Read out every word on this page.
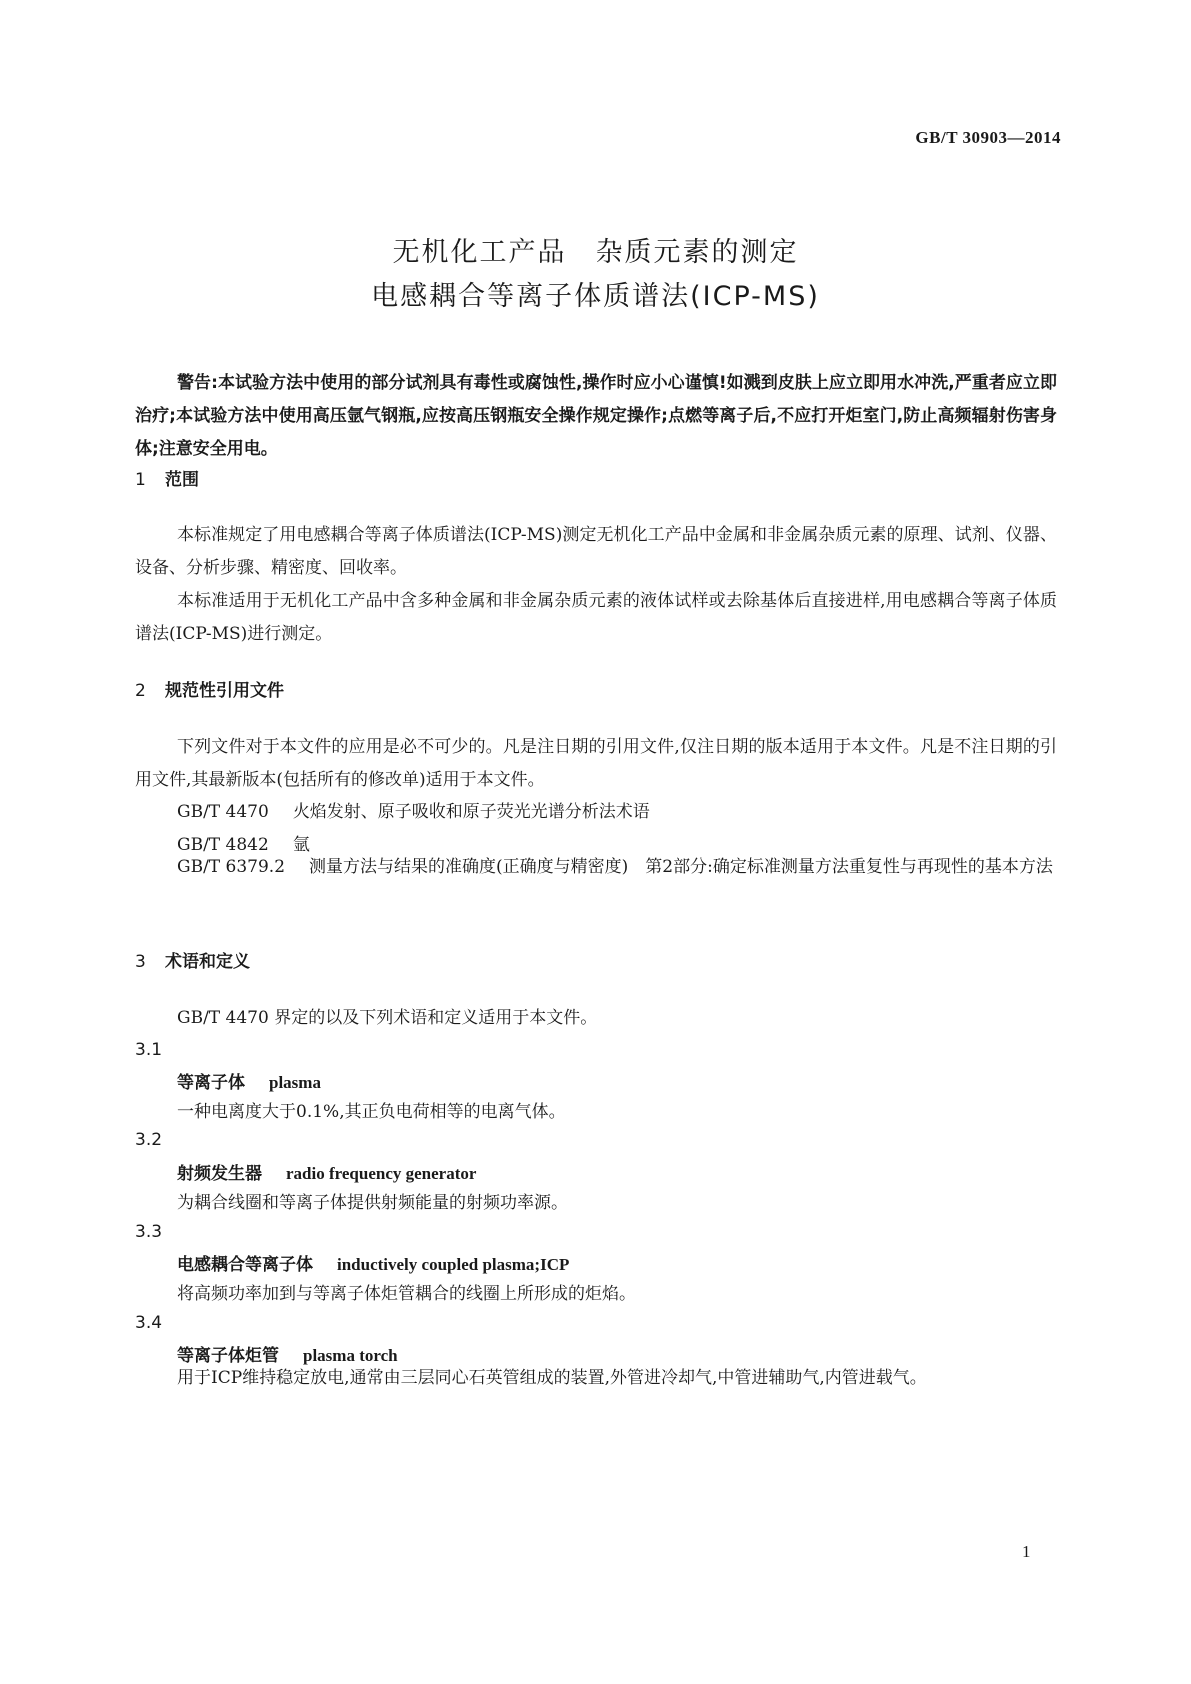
GB/T 30903—2014
无机化工产品　杂质元素的测定
电感耦合等离子体质谱法(ICP-MS)
警告:本试验方法中使用的部分试剂具有毒性或腐蚀性,操作时应小心谨慎!如溅到皮肤上应立即用水冲洗,严重者应立即治疗;本试验方法中使用高压氩气钢瓶,应按高压钢瓶安全操作规定操作;点燃等离子后,不应打开炬室门,防止高频辐射伤害身体;注意安全用电。
1 范围
本标准规定了用电感耦合等离子体质谱法(ICP-MS)测定无机化工产品中金属和非金属杂质元素的原理、试剂、仪器、设备、分析步骤、精密度、回收率。
本标准适用于无机化工产品中含多种金属和非金属杂质元素的液体试样或去除基体后直接进样,用电感耦合等离子体质谱法(ICP-MS)进行测定。
2 规范性引用文件
下列文件对于本文件的应用是必不可少的。凡是注日期的引用文件,仅注日期的版本适用于本文件。凡是不注日期的引用文件,其最新版本(包括所有的修改单)适用于本文件。
GB/T 4470 火焰发射、原子吸收和原子荧光光谱分析法术语
GB/T 4842 氩
GB/T 6379.2 测量方法与结果的准确度(正确度与精密度)　第2部分:确定标准测量方法重复性与再现性的基本方法
3 术语和定义
GB/T 4470 界定的以及下列术语和定义适用于本文件。
3.1
等离子体 plasma
一种电离度大于0.1%,其正负电荷相等的电离气体。
3.2
射频发生器 radio frequency generator
为耦合线圈和等离子体提供射频能量的射频功率源。
3.3
电感耦合等离子体 inductively coupled plasma;ICP
将高频功率加到与等离子体炬管耦合的线圈上所形成的炬焰。
3.4
等离子体炬管 plasma torch
用于ICP维持稳定放电,通常由三层同心石英管组成的装置,外管进冷却气,中管进辅助气,内管进载气。
1
